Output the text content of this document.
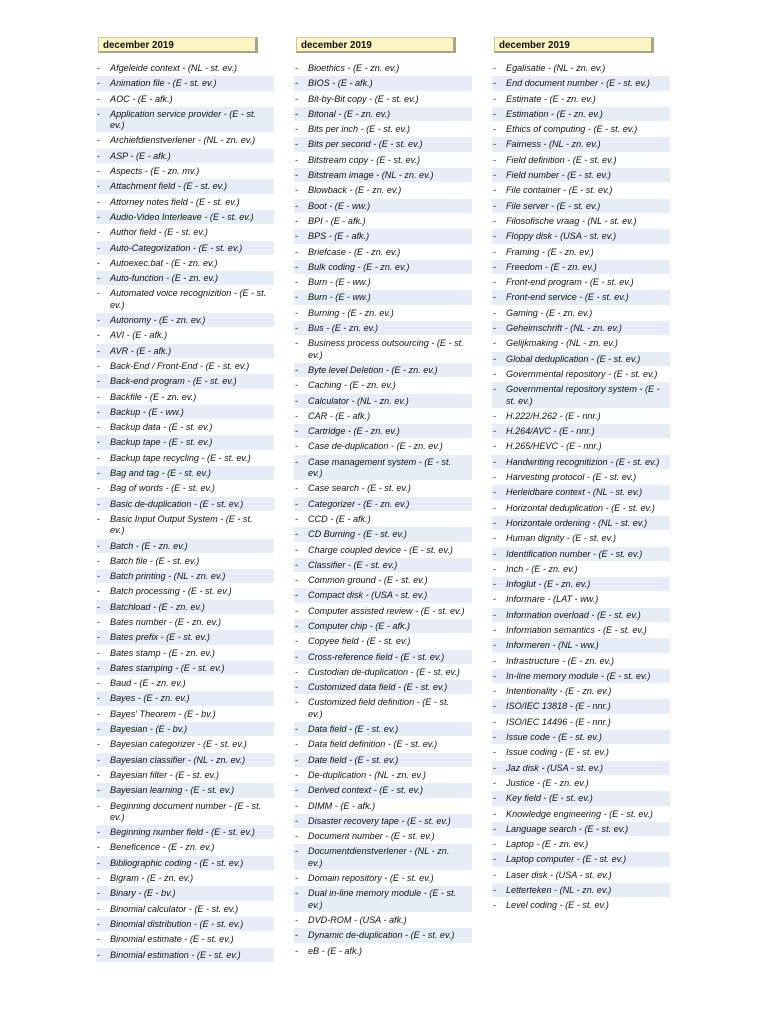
december 2019
-	Afgeleide context - (NL - st. ev.)
-	Animation file - (E - st. ev.)
-	AOC - (E - afk.)
-	Application service provider - (E - st. ev.)
-	Archiefdienstverlener - (NL - zn. ev.)
-	ASP - (E - afk.)
-	Aspects - (E - zn. mv.)
-	Attachment field - (E - st. ev.)
-	Attorney notes field - (E - st. ev.)
-	Audio-Video Interleave - (E - st. ev.)
-	Author field - (E - st. ev.)
-	Auto-Categorization - (E - st. ev.)
-	Autoexec.bat - (E - zn. ev.)
-	Auto-function - (E - zn. ev.)
-	Automated voice recognizition - (E - st. ev.)
-	Autonomy - (E - zn. ev.)
-	AVI - (E - afk.)
-	AVR - (E - afk.)
-	Back-End / Front-End - (E - st. ev.)
-	Back-end program - (E - st. ev.)
-	Backfile - (E - zn. ev.)
-	Backup - (E - ww.)
-	Backup data - (E - st. ev.)
-	Backup tape - (E - st. ev.)
-	Backup tape recycling - (E - st. ev.)
-	Bag and tag - (E - st. ev.)
-	Bag of words - (E - st. ev.)
-	Basic de-duplication - (E - st. ev.)
-	Basic Input Output System - (E - st. ev.)
-	Batch - (E - zn. ev.)
-	Batch file - (E - st. ev.)
-	Batch printing - (NL - zn. ev.)
-	Batch processing - (E - st. ev.)
-	Batchload - (E - zn. ev.)
-	Bates number - (E - zn. ev.)
-	Bates prefix - (E - st. ev.)
-	Bates stamp - (E - zn. ev.)
-	Bates stamping - (E - st. ev.)
-	Baud - (E - zn. ev.)
-	Bayes - (E - zn. ev.)
-	Bayes' Theorem - (E - bv.)
-	Bayesian - (E - bv.)
-	Bayesian categorizer - (E - st. ev.)
-	Bayesian classifier - (NL - zn. ev.)
-	Bayesian filter - (E - st. ev.)
-	Bayesian learning - (E - st. ev.)
-	Beginning document number - (E - st. ev.)
-	Beginning number field - (E - st. ev.)
-	Beneficence - (E - zn. ev.)
-	Bibliographic coding - (E - st. ev.)
-	Bigram - (E - zn. ev.)
-	Binary - (E - bv.)
-	Binomial calculator - (E - st. ev.)
-	Binomial distribution - (E - st. ev.)
-	Binomial estimate - (E - st. ev.)
-	Binomial estimation - (E - st. ev.)
december 2019
-	Bioethics - (E - zn. ev.)
-	BIOS - (E - afk.)
-	Bit-by-Bit copy - (E - st. ev.)
-	Bitonal - (E - zn. ev.)
-	Bits per inch - (E - st. ev.)
-	Bits per second - (E - st. ev.)
-	Bitstream copy - (E - st. ev.)
-	Bitstream image - (NL - zn. ev.)
-	Blowback - (E - zn. ev.)
-	Boot - (E - ww.)
-	BPI - (E - afk.)
-	BPS - (E - afk.)
-	Briefcase - (E - zn. ev.)
-	Bulk coding - (E - zn. ev.)
-	Burn - (E - ww.)
-	Burn - (E - ww.)
-	Burning - (E - zn. ev.)
-	Bus - (E - zn. ev.)
-	Business process outsourcing - (E - st. ev.)
-	Byte level Deletion - (E - zn. ev.)
-	Caching - (E - zn. ev.)
-	Calculator - (NL - zn. ev.)
-	CAR - (E - afk.)
-	Cartridge - (E - zn. ev.)
-	Case de-duplication - (E - zn. ev.)
-	Case management system - (E - st. ev.)
-	Case search - (E - st. ev.)
-	Categorizer - (E - zn. ev.)
-	CCD - (E - afk.)
-	CD Burning - (E - st. ev.)
-	Charge coupled device - (E - st. ev.)
-	Classifier - (E - st. ev.)
-	Common ground - (E - st. ev.)
-	Compact disk - (USA - st. ev.)
-	Computer assisted review - (E - st. ev.)
-	Computer chip - (E - afk.)
-	Copyee field - (E - st. ev.)
-	Cross-reference field - (E - st. ev.)
-	Custodian de-duplication - (E - st. ev.)
-	Customized data field - (E - st. ev.)
-	Customized field definition - (E - st. ev.)
-	Data field - (E - st. ev.)
-	Data field definition - (E - st. ev.)
-	Date field - (E - st. ev.)
-	De-duplication - (NL - zn. ev.)
-	Derived context - (E - st. ev.)
-	DIMM - (E - afk.)
-	Disaster recovery tape - (E - st. ev.)
-	Document number - (E - st. ev.)
-	Documentdienstverlener - (NL - zn. ev.)
-	Domain repository - (E - st. ev.)
-	Dual in-line memory module - (E - st. ev.)
-	DVD-ROM - (USA - afk.)
-	Dynamic de-duplication - (E - st. ev.)
-	eB - (E - afk.)
december 2019
-	Egalisatie - (NL - zn. ev.)
-	End document number - (E - st. ev.)
-	Estimate - (E - zn. ev.)
-	Estimation - (E - zn. ev.)
-	Ethics of computing - (E - st. ev.)
-	Fairness - (NL - zn. ev.)
-	Field definition - (E - st. ev.)
-	Field number - (E - st. ev.)
-	File container - (E - st. ev.)
-	File server - (E - st. ev.)
-	Filosofische vraag - (NL - st. ev.)
-	Floppy disk - (USA - st. ev.)
-	Framing - (E - zn. ev.)
-	Freedom - (E - zn. ev.)
-	Front-end program - (E - st. ev.)
-	Front-end service - (E - st. ev.)
-	Gaming - (E - zn. ev.)
-	Geheimschrift - (NL - zn. ev.)
-	Gelijkmaking - (NL - zn. ev.)
-	Global deduplication - (E - st. ev.)
-	Governmental repository - (E - st. ev.)
-	Governmental repository system - (E - st. ev.)
-	H.222/H.262 - (E - nnr.)
-	H.264/AVC - (E - nnr.)
-	H.265/HEVC - (E - nnr.)
-	Handwriting recognitizion - (E - st. ev.)
-	Harvesting protocol - (E - st. ev.)
-	Herleidbare context - (NL - st. ev.)
-	Horizontal deduplication - (E - st. ev.)
-	Horizontale ordening - (NL - st. ev.)
-	Human dignity - (E - st. ev.)
-	Identification number - (E - st. ev.)
-	Inch - (E - zn. ev.)
-	Infoglut - (E - zn. ev.)
-	Informare - (LAT - ww.)
-	Information overload - (E - st. ev.)
-	Information semantics - (E - st. ev.)
-	Informeren - (NL - ww.)
-	Infrastructure - (E - zn. ev.)
-	In-line memory module - (E - st. ev.)
-	Intentionality - (E - zn. ev.)
-	ISO/IEC 13818 - (E - nnr.)
-	ISO/IEC 14496 - (E - nnr.)
-	Issue code - (E - st. ev.)
-	Issue coding - (E - st. ev.)
-	Jaz disk - (USA - st. ev.)
-	Justice - (E - zn. ev.)
-	Key field - (E - st. ev.)
-	Knowledge engineering - (E - st. ev.)
-	Language search - (E - st. ev.)
-	Laptop - (E - zn. ev.)
-	Laptop computer - (E - st. ev.)
-	Laser disk - (USA - st. ev.)
-	Letterteken - (NL - zn. ev.)
-	Level coding - (E - st. ev.)
